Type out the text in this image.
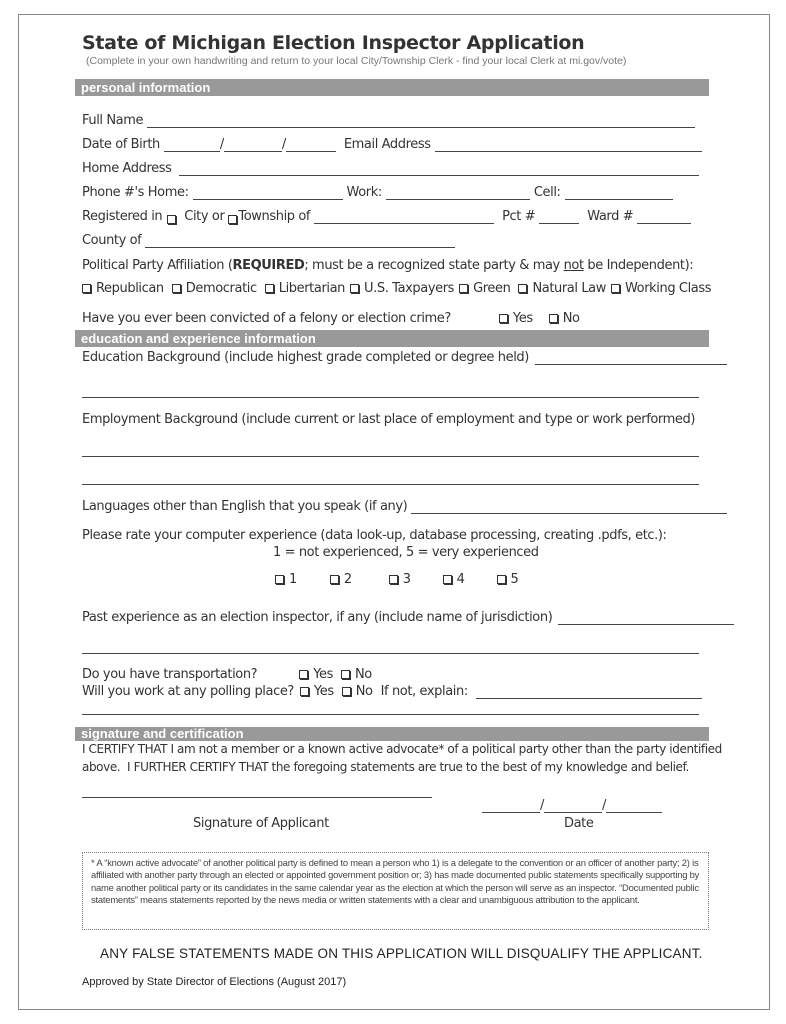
State of Michigan Election Inspector Application
(Complete in your own handwriting and return to your local City/Township Clerk - find your local Clerk at mi.gov/vote)
personal information
Full Name
Date of Birth	/	/	Email Address
Home Address
Phone #'s Home:	Work:	Cell:
Registered in City or Township of	Pct #	Ward #
County of
Political Party Affiliation ( REQUIRED ; must be a recognized state party & may not be Independent):
Republican	Democratic	Libertarian	U.S. Taxpayers	Green	Natural Law	Working Class
Have you ever been convicted of a felony or election crime?	Yes	No
education and experience information
Education Background (include highest grade completed or degree held)
Employment Background (include current or last place of employment and type or work performed)
Languages other than English that you speak (if any)
Please rate your computer experience (data look-up, database processing, creating .pdfs, etc.):
1 = not experienced, 5 = very experienced
1	2	3	4	5
Past experience as an election inspector, if any (include name of jurisdiction)
Do you have transportation?	Yes	No
Will you work at any polling place?	Yes	No If not, explain:
signature and certification
I CERTIFY THAT I am not a member or a known active advocate* of a political party other than the party identified
above.  I FURTHER CERTIFY THAT the foregoing statements are true to the best of my knowledge and belief.
/	/
Signature of Applicant	Date
* A “known active advocate” of another political party is defined to mean a person who 1) is a delegate to the convention or an officer of another party; 2) is affiliated with another party through an elected or appointed government position or; 3) has made documented public statements specifically supporting by name another political party or its candidates in the same calendar year as the election at which the person will serve as an inspector. “Documented public statements” means statements reported by the news media or written statements with a clear and unambiguous attribution to the applicant.
ANY FALSE STATEMENTS MADE ON THIS APPLICATION WILL DISQUALIFY THE APPLICANT.
Approved by State Director of Elections (August 2017)
